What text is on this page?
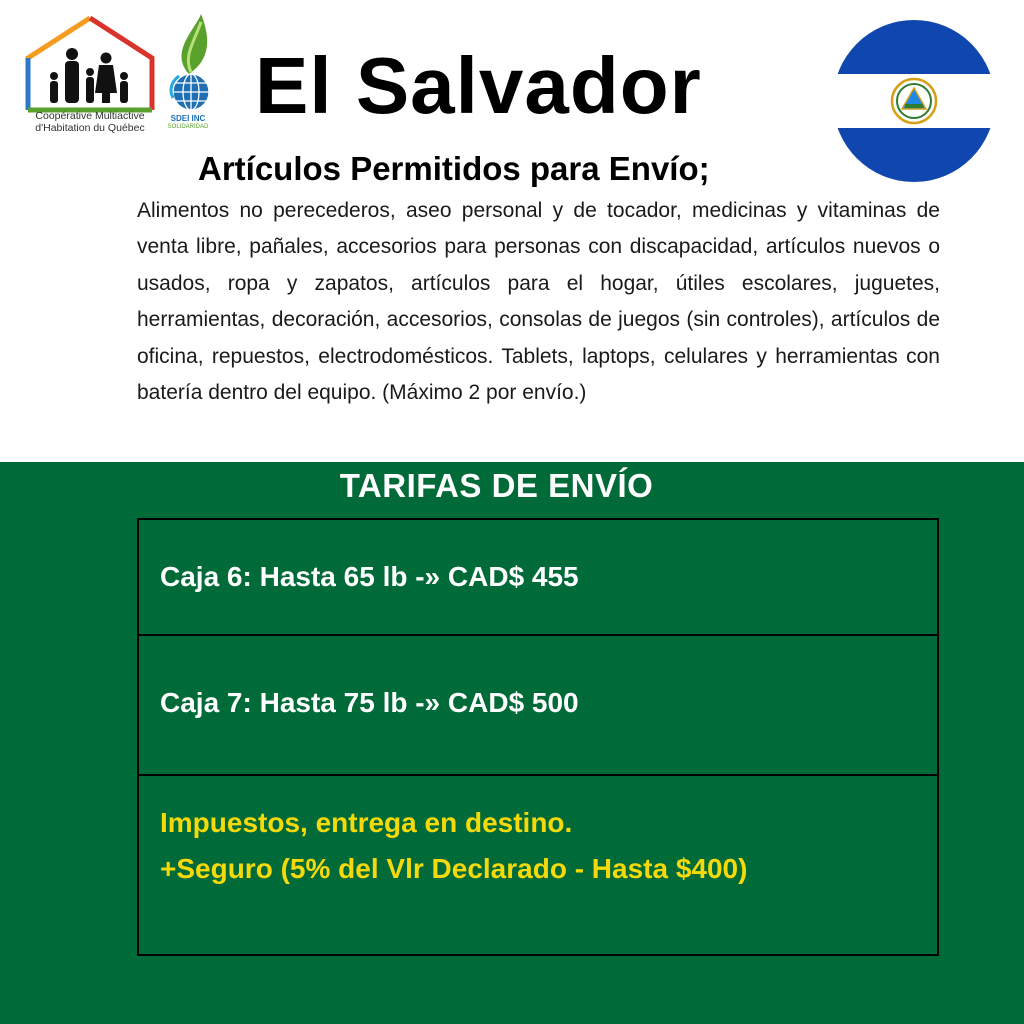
Coopérative Multiactive
d'Habitation du Québec
SDEI INC
SOLIDARIDAD El Salvador
Artículos Permitidos para Envío;
Alimentos no perecederos, aseo personal y de tocador, medicinas y vitaminas de venta libre, pañales, accesorios para personas con discapacidad, artículos nuevos o usados, ropa y zapatos, artículos para el hogar, útiles escolares, juguetes, herramientas, decoración, accesorios, consolas de juegos (sin controles), artículos de oficina, repuestos, electrodomésticos. Tablets, laptops, celulares y herramientas con batería dentro del equipo. (Máximo 2 por envío.)
TARIFAS DE ENVÍO
Caja 6: Hasta 65 lb -» CAD$ 455
Caja 7: Hasta 75 lb -» CAD$ 500
Impuestos, entrega en destino.
+Seguro (5% del Vlr Declarado - Hasta $400)
